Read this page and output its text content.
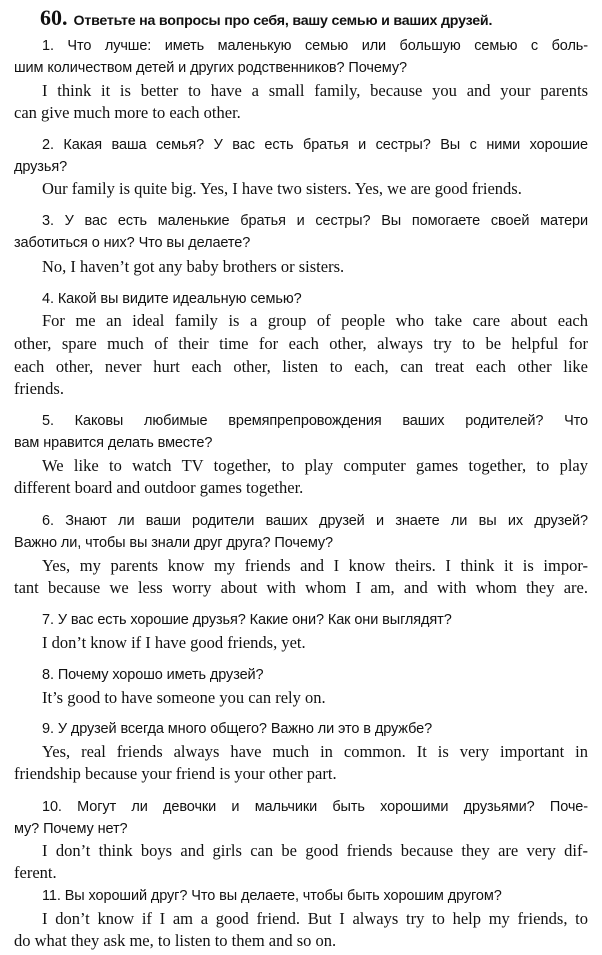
60. Ответьте на вопросы про себя, вашу семью и ваших друзей.
1. Что лучше: иметь маленькую семью или большую семью с боль-
шим количеством детей и других родственников? Почему?
I think it is better to have a small family, because you and your parents
can give much more to each other.
2. Какая ваша семья? У вас есть братья и сестры? Вы с ними хорошие
друзья?
Our family is quite big. Yes, I have two sisters. Yes, we are good friends.
3. У вас есть маленькие братья и сестры? Вы помогаете своей матери
заботиться о них? Что вы делаете?
No, I haven’t got any baby brothers or sisters.
4. Какой вы видите идеальную семью?
For me an ideal family is a group of people who take care about each
other, spare much of their time for each other, always try to be helpful for
each other, never hurt each other, listen to each, can treat each other like
friends.
5. Каковы любимые времяпрепровождения ваших родителей? Что
вам нравится делать вместе?
We like to watch TV together, to play computer games together, to play
different board and outdoor games together.
6. Знают ли ваши родители ваших друзей и знаете ли вы их друзей?
Важно ли, чтобы вы знали друг друга? Почему?
Yes, my parents know my friends and I know theirs. I think it is impor-
tant because we less worry about with whom I am, and with whom they are.
7. У вас есть хорошие друзья? Какие они? Как они выглядят?
I don’t know if I have good friends, yet.
8. Почему хорошо иметь друзей?
It’s good to have someone you can rely on.
9. У друзей всегда много общего? Важно ли это в дружбе?
Yes, real friends always have much in common. It is very important in
friendship because your friend is your other part.
10. Могут ли девочки и мальчики быть хорошими друзьями? Поче-
му? Почему нет?
I don’t think boys and girls can be good friends because they are very dif-
ferent.
11. Вы хороший друг? Что вы делаете, чтобы быть хорошим другом?
I don’t know if I am a good friend. But I always try to help my friends, to
do what they ask me, to listen to them and so on.
